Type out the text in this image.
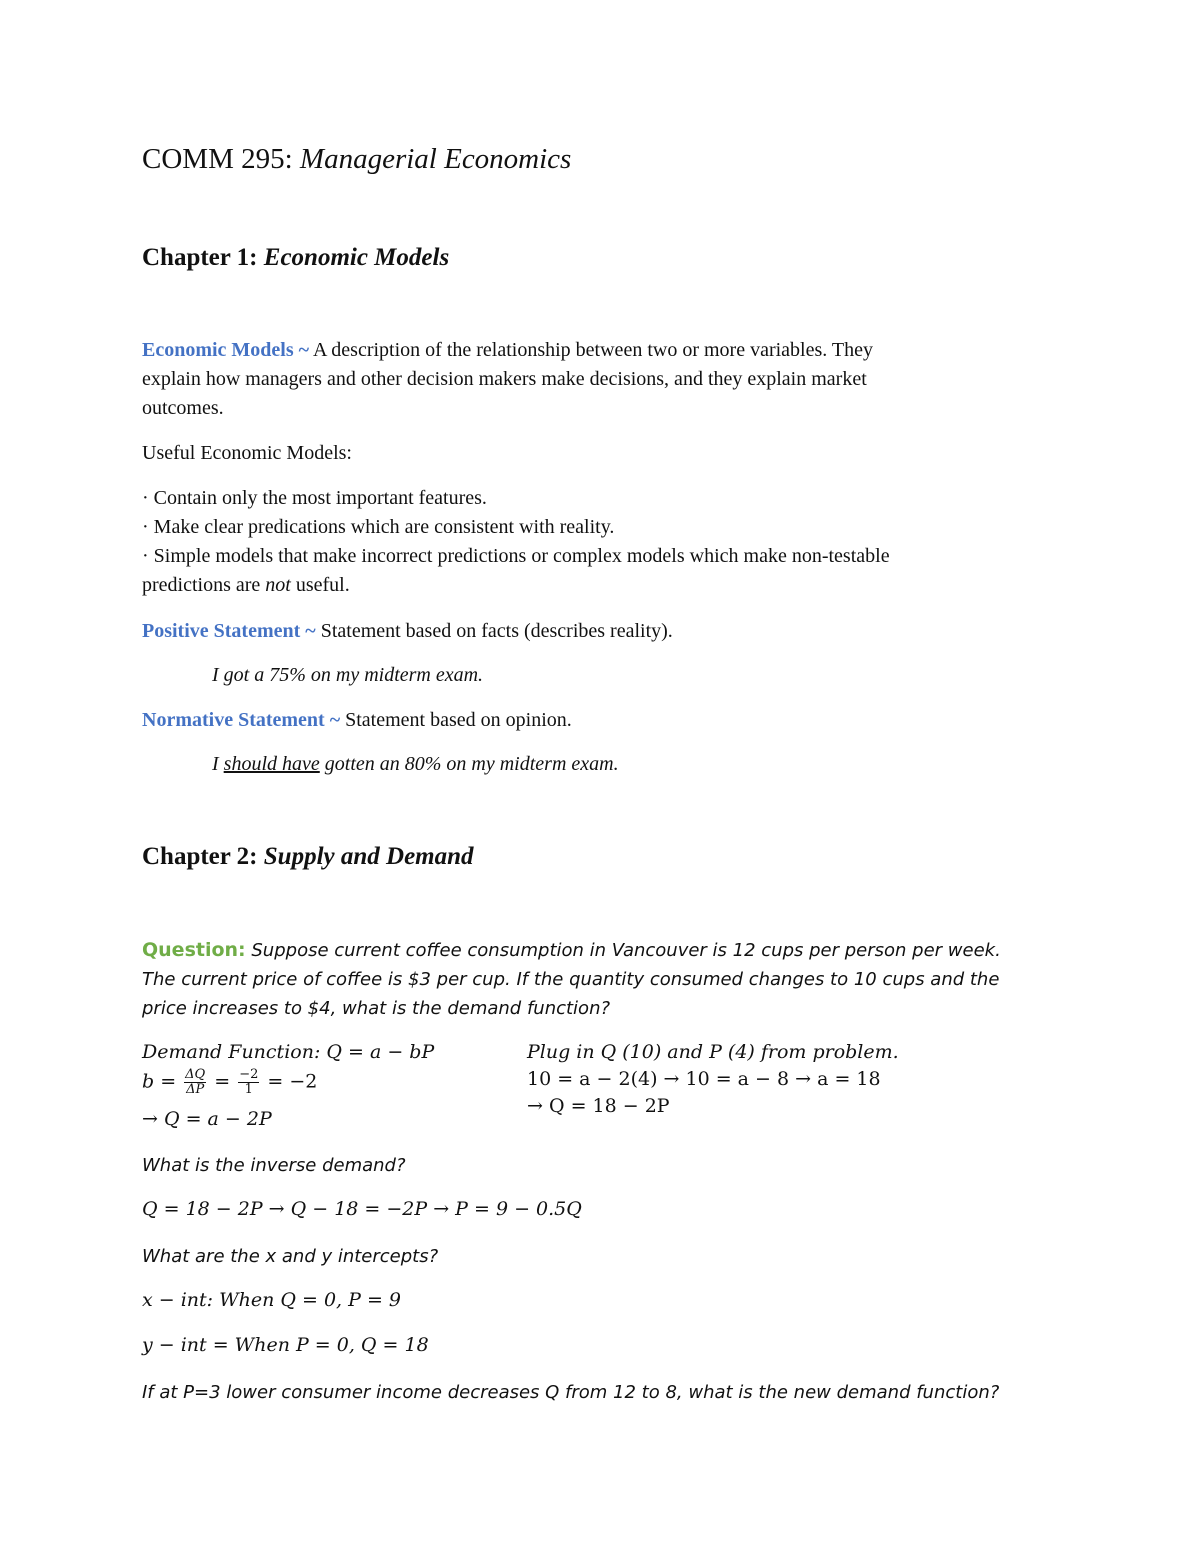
COMM 295: Managerial Economics
Chapter 1: Economic Models
Economic Models ~ A description of the relationship between two or more variables. They
explain how managers and other decision makers make decisions, and they explain market
outcomes.
Useful Economic Models:
· Contain only the most important features.
· Make clear predications which are consistent with reality.
· Simple models that make incorrect predictions or complex models which make non-testable
predictions are not useful.
Positive Statement ~ Statement based on facts (describes reality).
I got a 75% on my midterm exam.
Normative Statement ~ Statement based on opinion.
I should have gotten an 80% on my midterm exam.
Chapter 2: Supply and Demand
Question: Suppose current coffee consumption in Vancouver is 12 cups per person per week.
The current price of coffee is $3 per cup. If the quantity consumed changes to 10 cups and the
price increases to $4, what is the demand function?
Demand Function: Q = a − bP
$b = \frac{\Delta Q}{\Delta P} = \frac{-2}{1} = -2$
→ Q = a − 2P
Plug in Q (10) and P (4) from problem.
10 = a − 2(4) → 10 = a − 8 → a = 18
→ Q = 18 − 2P
What is the inverse demand?
Q = 18 − 2P → Q − 18 = −2P → P = 9 − 0.5Q
What are the x and y intercepts?
x − int: When Q = 0, P = 9
y − int = When P = 0, Q = 18
If at P=3 lower consumer income decreases Q from 12 to 8, what is the new demand function?
